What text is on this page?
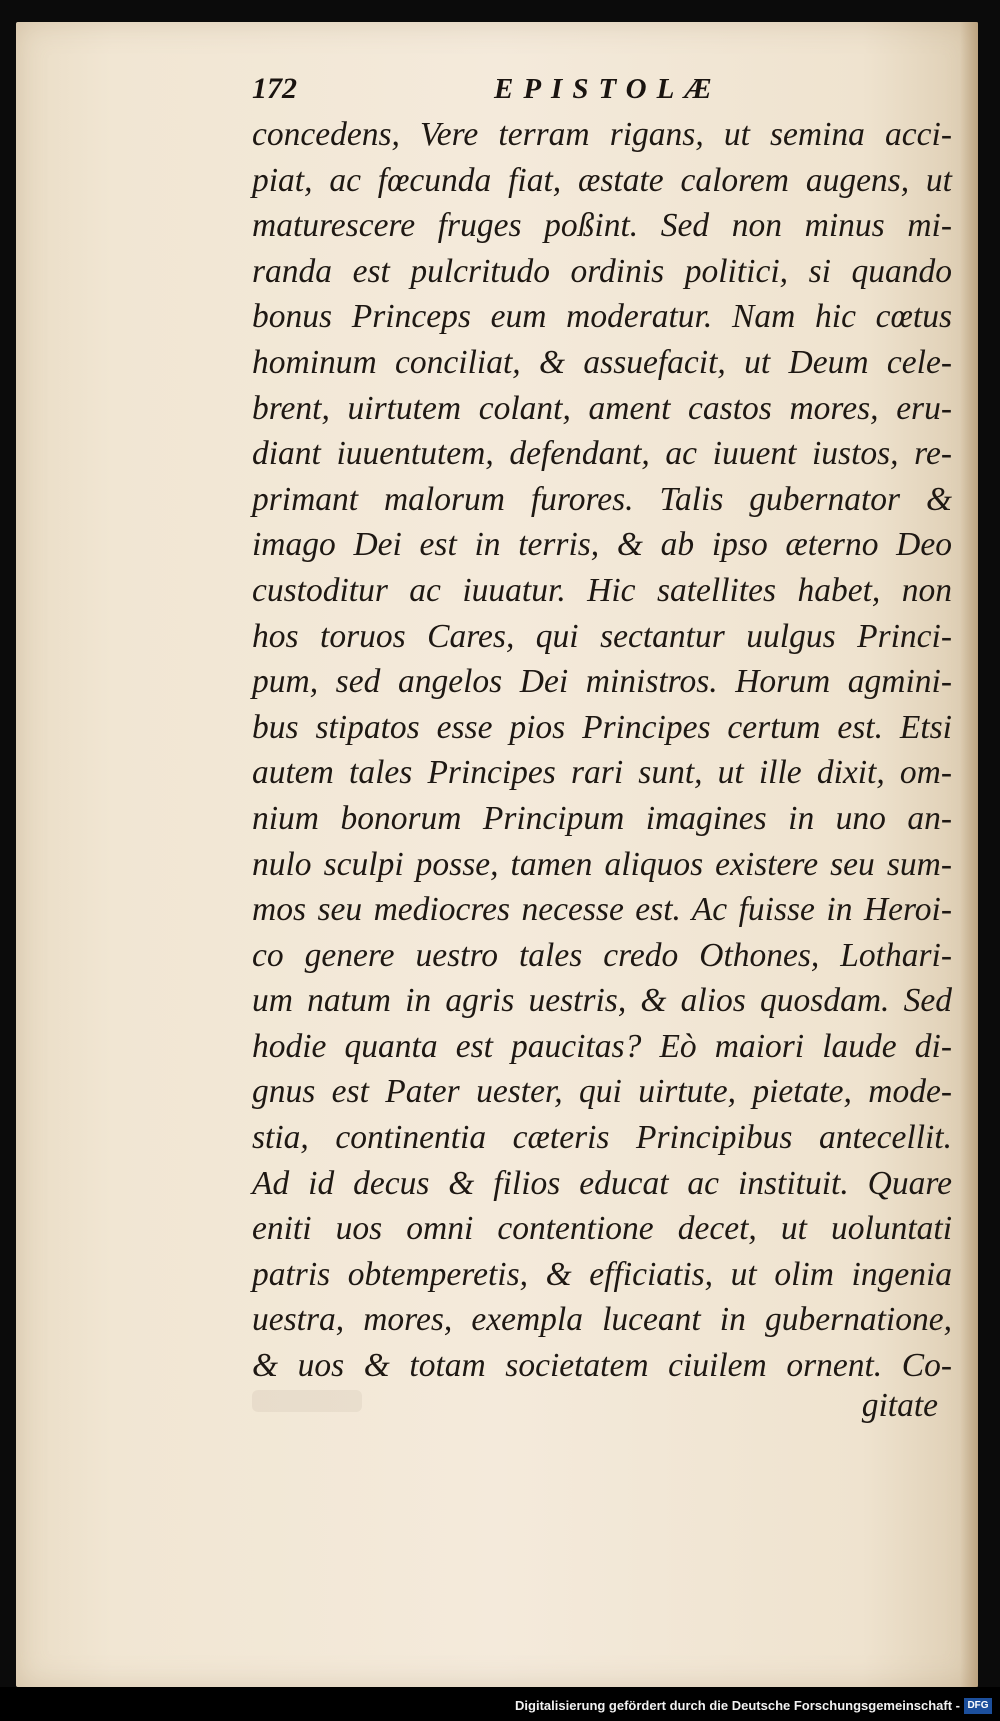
172	EPISTOLÆ
concedens, Vere terram rigans, ut semina acci-
piat, ac fœcunda fiat, æstate calorem augens, ut
maturescere fruges poßint. Sed non minus mi-
randa est pulcritudo ordinis politici, si quando
bonus Princeps eum moderatur. Nam hic cœtus
hominum conciliat, & assuefacit, ut Deum cele-
brent, uirtutem colant, ament castos mores, eru-
diant iuuentutem, defendant, ac iuuent iustos, re-
primant malorum furores. Talis gubernator &
imago Dei est in terris, & ab ipso æterno Deo
custoditur ac iuuatur. Hic satellites habet, non
hos toruos Cares, qui sectantur uulgus Princi-
pum, sed angelos Dei ministros. Horum agmini-
bus stipatos esse pios Principes certum est. Etsi
autem tales Principes rari sunt, ut ille dixit, om-
nium bonorum Principum imagines in uno an-
nulo sculpi posse, tamen aliquos existere seu sum-
mos seu mediocres necesse est. Ac fuisse in Heroi-
co genere uestro tales credo Othones, Lothari-
um natum in agris uestris, & alios quosdam. Sed
hodie quanta est paucitas? Eò maiori laude di-
gnus est Pater uester, qui uirtute, pietate, mode-
stia, continentia cæteris Principibus antecellit.
Ad id decus & filios educat ac instituit. Quare
eniti uos omni contentione decet, ut uoluntati
patris obtemperetis, & efficiatis, ut olim ingenia
uestra, mores, exempla luceant in gubernatione,
& uos & totam societatem ciuilem ornent. Co-
gitate
Digitalisierung gefördert durch die Deutsche Forschungsgemeinschaft - DFG
